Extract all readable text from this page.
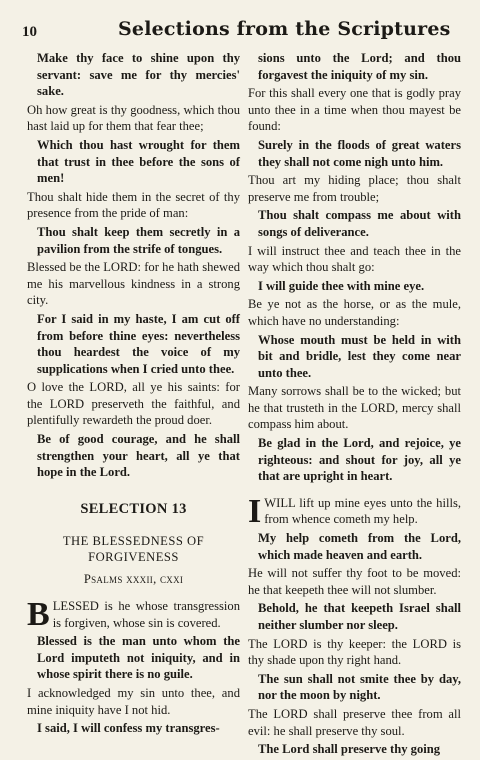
10	Selections from the Scriptures

Make thy face to shine upon thy servant: save me for thy mercies' sake.

Oh how great is thy goodness, which thou hast laid up for them that fear thee;

Which thou hast wrought for them that trust in thee before the sons of men!

Thou shalt hide them in the secret of thy presence from the pride of man:

Thou shalt keep them secretly in a pavilion from the strife of tongues.

Blessed be the LORD: for he hath shewed me his marvellous kindness in a strong city.

For I said in my haste, I am cut off from before thine eyes: nevertheless thou heardest the voice of my supplications when I cried unto thee.

O love the LORD, all ye his saints: for the LORD preserveth the faithful, and plentifully rewardeth the proud doer.

Be of good courage, and he shall strengthen your heart, all ye that hope in the Lord.

SELECTION 13
THE BLESSEDNESS OF
FORGIVENESS
Psalms xxxii, cxxi

B LESSED is he whose transgression is forgiven, whose sin is covered.

Blessed is the man unto whom the Lord imputeth not iniquity, and in whose spirit there is no guile.

I acknowledged my sin unto thee, and mine iniquity have I not hid.

I said, I will confess my transgres-

sions unto the Lord; and thou forgavest the iniquity of my sin.

For this shall every one that is godly pray unto thee in a time when thou mayest be found:

Surely in the floods of great waters they shall not come nigh unto him.

Thou art my hiding place; thou shalt preserve me from trouble;

Thou shalt compass me about with songs of deliverance.

I will instruct thee and teach thee in the way which thou shalt go:

I will guide thee with mine eye.

Be ye not as the horse, or as the mule, which have no understanding:

Whose mouth must be held in with bit and bridle, lest they come near unto thee.

Many sorrows shall be to the wicked; but he that trusteth in the LORD, mercy shall compass him about.

Be glad in the Lord, and rejoice, ye righteous: and shout for joy, all ye that are upright in heart.

I WILL lift up mine eyes unto the hills, from whence cometh my help.

My help cometh from the Lord, which made heaven and earth.

He will not suffer thy foot to be moved: he that keepeth thee will not slumber.

Behold, he that keepeth Israel shall neither slumber nor sleep.

The LORD is thy keeper: the LORD is thy shade upon thy right hand.

The sun shall not smite thee by day, nor the moon by night.

The LORD shall preserve thee from all evil: he shall preserve thy soul.

The Lord shall preserve thy going
